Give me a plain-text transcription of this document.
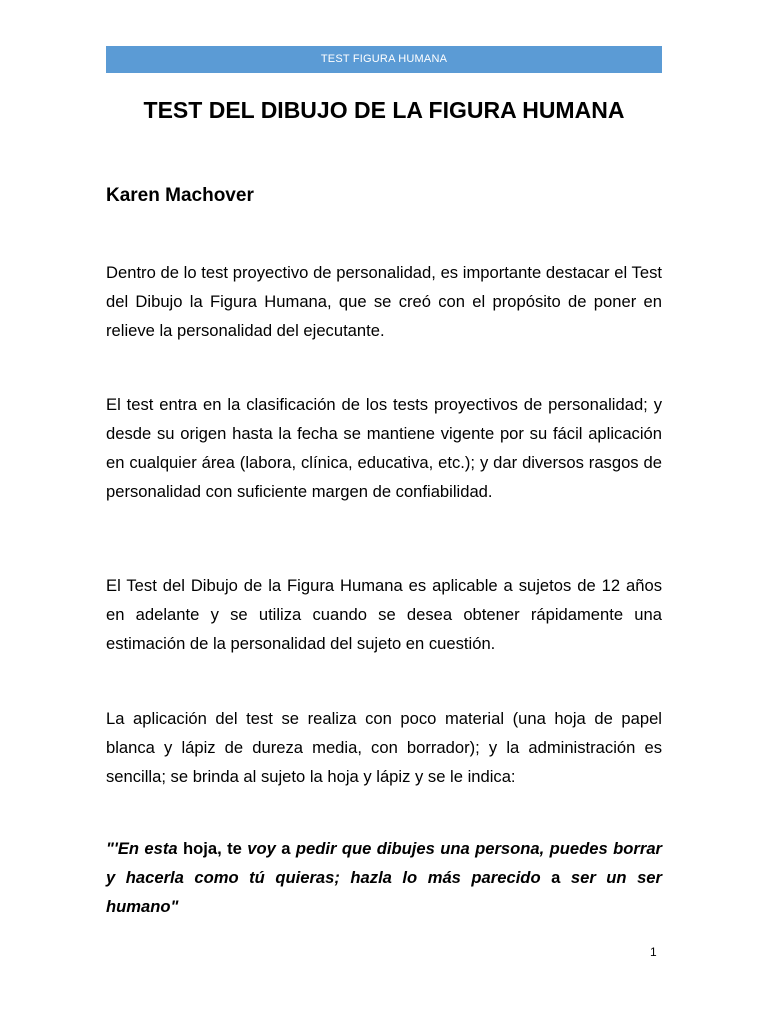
TEST FIGURA HUMANA
TEST DEL DIBUJO DE LA FIGURA HUMANA
Karen Machover

Dentro de lo test proyectivo de personalidad, es importante destacar el Test del Dibujo la Figura Humana, que se creó con el propósito de poner en relieve la personalidad del ejecutante.

El test entra en la clasificación de los tests proyectivos de personalidad; y desde su origen hasta la fecha se mantiene vigente por su fácil aplicación en cualquier área (labora, clínica, educativa, etc.); y dar diversos rasgos de personalidad con suficiente margen de confiabilidad.

El Test del Dibujo de la Figura Humana es aplicable a sujetos de 12 años en adelante y se utiliza cuando se desea obtener rápidamente una estimación de la personalidad del sujeto en cuestión.

La aplicación del test se realiza con poco material (una hoja de papel blanca y lápiz de dureza media, con borrador); y la administración es sencilla; se brinda al sujeto la hoja y lápiz y se le indica:

"'En esta hoja, te voy a pedir que dibujes una persona, puedes borrar y hacerla como tú quieras; hazla lo más parecido a ser un ser humano"

1
